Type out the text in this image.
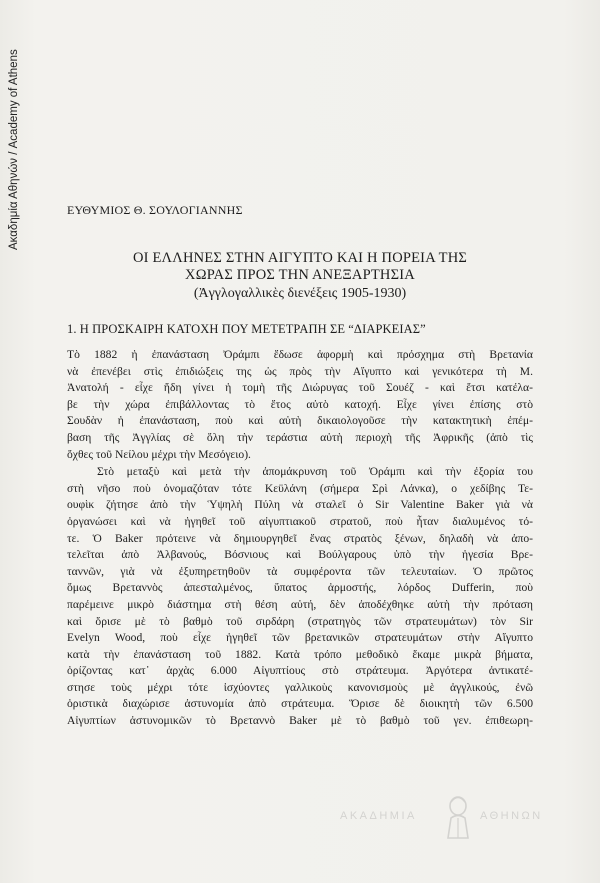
Ακαδημία Αθηνών / Academy of Athens	ΕΥΘΥΜΙΟΣ Θ. ΣΟΥΛΟΓΙΑΝΝΗΣ
ΟΙ ΕΛΛΗΝΕΣ ΣΤΗΝ ΑΙΓΥΠΤΟ ΚΑΙ Η ΠΟΡΕΙΑ ΤΗΣ
ΧΩΡΑΣ ΠΡΟΣ ΤΗΝ ΑΝΕΞΑΡΤΗΣΙΑ
(Ἀγγλογαλλικὲς διενέξεις 1905-1930)
1. Η ΠΡΟΣΚΑΙΡΗ ΚΑΤΟΧΗ ΠΟΥ ΜΕΤΕΤΡΑΠΗ ΣΕ “ΔΙΑΡΚΕΙΑΣ”
Τὸ 1882 ἡ ἐπανάσταση Ὀράμπι ἔδωσε ἀφορμὴ καὶ πρόσχημα στὴ Βρετανία
νὰ ἐπενέβει στὶς ἐπιδιώξεις της ὡς πρὸς τὴν Αἴγυπτο καὶ γενικότερα τὴ Μ.
Ἀνατολή - εἶχε ἤδη γίνει ἡ τομὴ τῆς Διώρυγας τοῦ Σουέζ - καὶ ἔτσι κατέλα-
βε τὴν χώρα ἐπιβάλλοντας τὸ ἔτος αὐτὸ κατοχή. Εἶχε γίνει ἐπίσης στὸ
Σουδὰν ἡ ἐπανάσταση, ποὺ καὶ αὐτὴ δικαιολογοῦσε τὴν κατακτητικὴ ἐπέμ-
βαση τῆς Ἀγγλίας σὲ ὅλη τὴν τεράστια αὐτὴ περιοχὴ τῆς Ἀφρικῆς (ἀπὸ τὶς
ὄχθες τοῦ Νείλου μέχρι τὴν Μεσόγειο).
Στὸ μεταξὺ καὶ μετὰ τὴν ἀπομάκρυνση τοῦ Ὀράμπι καὶ τὴν ἐξορία του
στὴ νῆσο ποὺ ὀνομαζόταν τότε Κεϋλάνη (σήμερα Σρὶ Λάνκα), ο χεδίβης Τε-
ουφὶκ ζήτησε ἀπὸ τὴν Ὑψηλὴ Πύλη νὰ σταλεῖ ὁ Sir Valentine Baker γιὰ νὰ
ὀργανώσει καὶ νὰ ἡγηθεῖ τοῦ αἰγυπτιακοῦ στρατοῦ, ποὺ ἦταν διαλυμένος τό-
τε. Ὁ Baker πρότεινε νὰ δημιουργηθεῖ ἕνας στρατὸς ξένων, δηλαδὴ νὰ ἀπο-
τελεῖται ἀπὸ Ἀλβανούς, Βόσνιους καὶ Βούλγαρους ὑπὸ τὴν ἡγεσία Βρε-
ταννῶν, γιὰ νὰ ἐξυπηρετηθοῦν τὰ συμφέροντα τῶν τελευταίων. Ὁ πρῶτος
ὅμως Βρεταννὸς ἀπεσταλμένος, ὕπατος ἁρμοστής, λόρδος Dufferin, ποὺ
παρέμεινε μικρὸ διάστημα στὴ θέση αὐτή, δὲν ἀποδέχθηκε αὐτὴ τὴν πρόταση
καὶ ὅρισε μὲ τὸ βαθμὸ τοῦ σιρδάρη (στρατηγὸς τῶν στρατευμάτων) τὸν Sir
Evelyn Wood, ποὺ εἶχε ἡγηθεῖ τῶν βρετανικῶν στρατευμάτων στὴν Αἴγυπτο
κατὰ τὴν ἐπανάσταση τοῦ 1882. Κατὰ τρόπο μεθοδικὸ ἔκαμε μικρὰ βήματα,
ὁρίζοντας κατ᾽ ἀρχὰς 6.000 Αἰγυπτίους στὸ στράτευμα. Ἀργότερα ἀντικατέ-
στησε τοὺς μέχρι τότε ἰσχύοντες γαλλικοὺς κανονισμοὺς μὲ ἀγγλικούς, ἐνῶ
ὁριστικὰ διαχώρισε ἀστυνομία ἀπὸ στράτευμα. Ὅρισε δὲ διοικητὴ τῶν 6.500
Αἰγυπτίων ἀστυνομικῶν τὸ Βρεταννὸ Baker μὲ τὸ βαθμὸ τοῦ γεν. ἐπιθεωρη-
ΑΚΑΔΗΜΙΑ	ΑΘΗΝΩΝ
